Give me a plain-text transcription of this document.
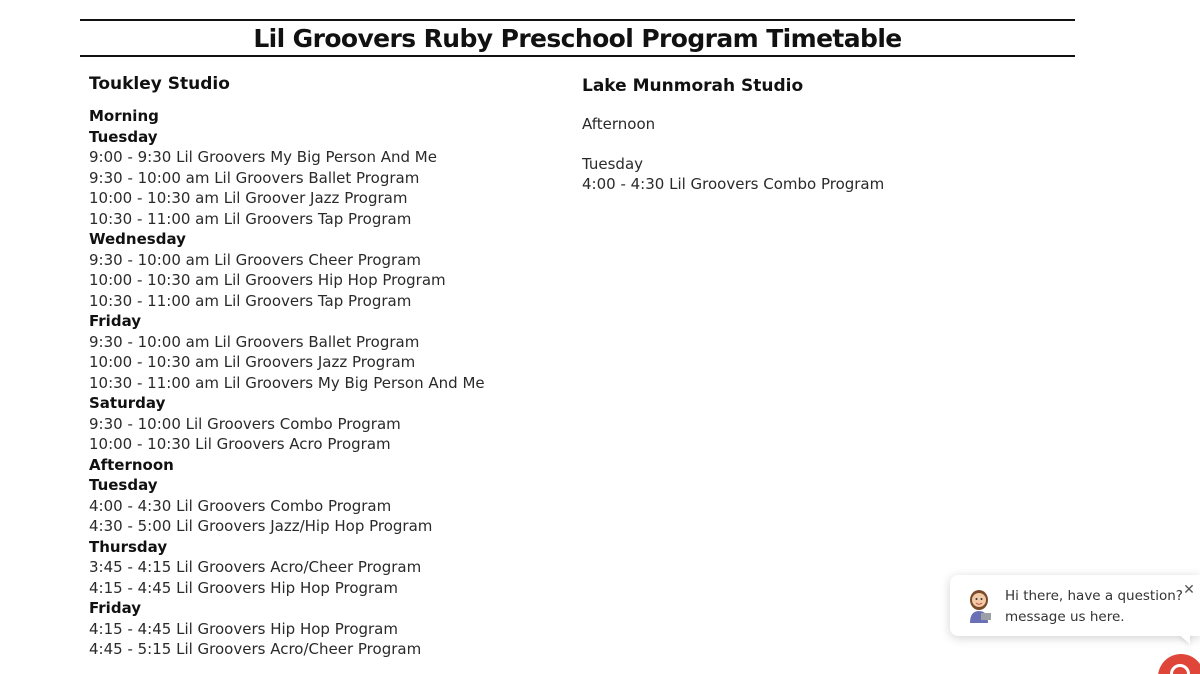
Lil Groovers Ruby Preschool Program Timetable
Toukley Studio
Morning
Tuesday
9:00 - 9:30 Lil Groovers My Big Person And Me
9:30 - 10:00 am Lil Groovers Ballet Program
10:00 - 10:30 am Lil Groover Jazz Program
10:30 - 11:00 am Lil Groovers Tap Program
Wednesday
9:30 - 10:00 am Lil Groovers Cheer Program
10:00 - 10:30 am Lil Groovers Hip Hop Program
10:30 - 11:00 am Lil Groovers Tap Program
Friday
9:30 - 10:00 am Lil Groovers Ballet Program
10:00 - 10:30 am Lil Groovers Jazz Program
10:30 - 11:00 am Lil Groovers My Big Person And Me
Saturday
9:30 - 10:00 Lil Groovers Combo Program
10:00 - 10:30 Lil Groovers Acro Program
Afternoon
Tuesday
4:00 - 4:30 Lil Groovers Combo Program
4:30 - 5:00 Lil Groovers Jazz/Hip Hop Program
Thursday
3:45 - 4:15 Lil Groovers Acro/Cheer Program
4:15 - 4:45 Lil Groovers Hip Hop Program
Friday
4:15 - 4:45 Lil Groovers Hip Hop Program
4:45 - 5:15 Lil Groovers Acro/Cheer Program
Lake Munmorah Studio
Afternoon
Tuesday
4:00 - 4:30 Lil Groovers Combo Program
Hi there, have a question?
message us here.
✕
